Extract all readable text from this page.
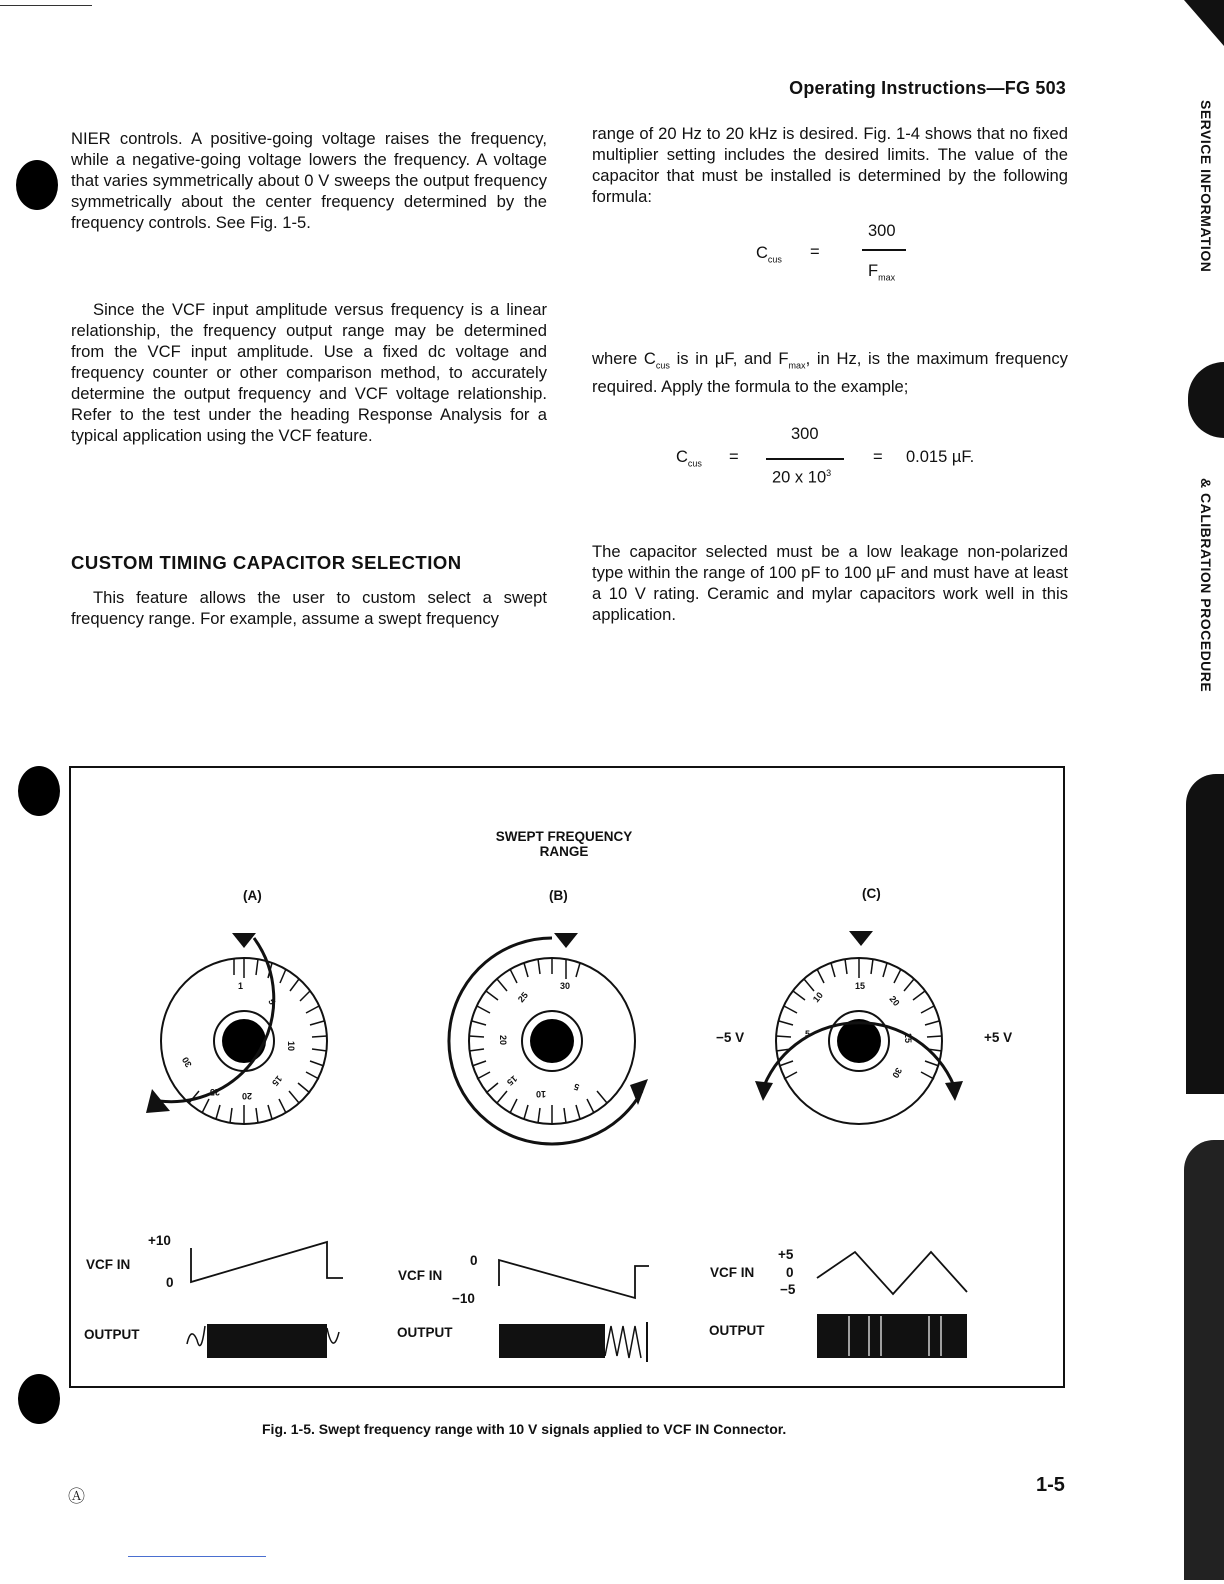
SERVICE INFORMATION
& CALIBRATION PROCEDURE
Operating Instructions—FG 503

NIER controls. A positive-going voltage raises the frequency, while a negative-going voltage lowers the frequency. A voltage that varies symmetrically about 0 V sweeps the output frequency symmetrically about the center frequency determined by the frequency controls. See Fig. 1-5.

Since the VCF input amplitude versus frequency is a linear relationship, the frequency output range may be determined from the VCF input amplitude. Use a fixed dc voltage and frequency counter or other comparison method, to accurately determine the output frequency and VCF voltage relationship. Refer to the test under the heading Response Analysis for a typical application using the VCF feature.

CUSTOM TIMING CAPACITOR SELECTION

This feature allows the user to custom select a swept frequency range. For example, assume a swept frequency

range of 20 Hz to 20 kHz is desired. Fig. 1-4 shows that no fixed multiplier setting includes the desired limits. The value of the capacitor that must be installed is determined by the following formula:

$C_{cus}$ =
300
$F_{max}$

where $C_{cus}$ is in µF, and $F_{max}$, in Hz, is the maximum frequency required. Apply the formula to the example;

$C_{cus}$ =
300
20 x $10^3$
= 0.015 µF.

The capacitor selected must be a low leakage non-polarized type within the range of 100 pF to 100 µF and must have at least a 10 V rating. Ceramic and mylar capacitors work well in this application.

SWEPT FREQUENCY
RANGE
(A)	(B)	(C)
1
5
10
15
20
25
30
30
25
20
15
10
5
15
20
25
30
10
5
−5 V	+5 V
+10
VCF IN
0
OUTPUT
0
VCF IN
−10
OUTPUT
+5
VCF IN 0
−5
OUTPUT
Fig. 1-5. Swept frequency range with 10 V signals applied to VCF IN Connector.
Ⓐ
1-5
